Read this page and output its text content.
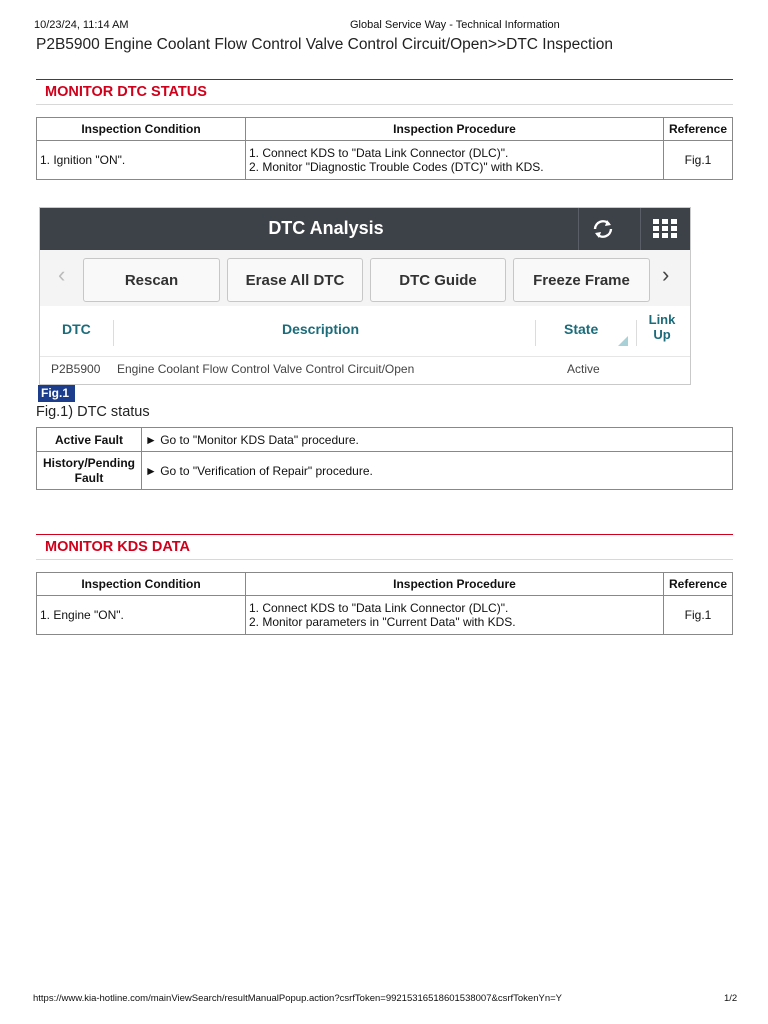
10/23/24, 11:14 AM	Global Service Way - Technical Information
P2B5900 Engine Coolant Flow Control Valve Control Circuit/Open>>DTC Inspection
MONITOR DTC STATUS
Inspection Condition	Inspection Procedure	Reference
1. Ignition "ON".	1. Connect KDS to "Data Link Connector (DLC)".
2. Monitor "Diagnostic Trouble Codes (DTC)" with KDS.	Fig.1
DTC Analysis
‹	Rescan	Erase All DTC	DTC Guide	Freeze Frame	›
DTC	Description	State
Link
Up
P2B5900 Engine Coolant Flow Control Valve Control Circuit/Open	Active
Fig.1
Fig.1) DTC status
Active Fault	► Go to "Monitor KDS Data" procedure.

History/Pending
Fault	► Go to "Verification of Repair" procedure.
MONITOR KDS DATA
Inspection Condition	Inspection Procedure	Reference
1. Engine "ON".	1. Connect KDS to "Data Link Connector (DLC)".
2. Monitor parameters in "Current Data" with KDS.	Fig.1
https://www.kia-hotline.com/mainViewSearch/resultManualPopup.action?csrfToken=99215316518601538007&csrfTokenYn=Y	1/2
